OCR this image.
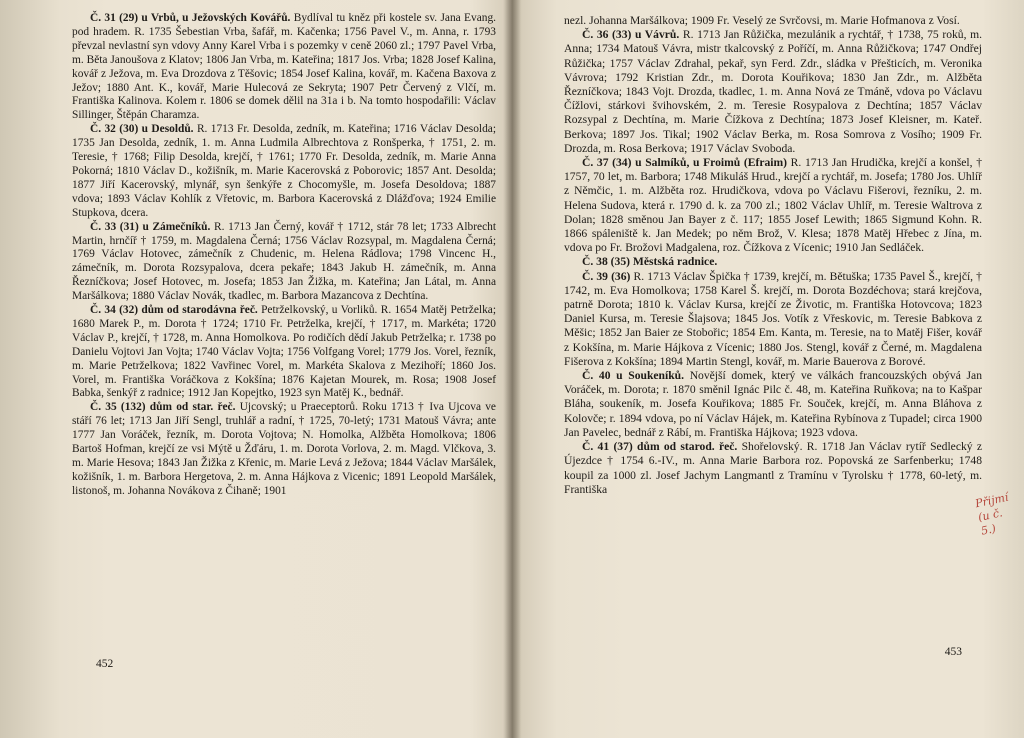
Č. 31 (29) u Vrbů, u Ježovských Kovářů. Bydlíval tu kněz při kostele sv. Jana Evang. pod hradem. R. 1735 Šebestian Vrba, šafář, m. Kačenka; 1756 Pavel V., m. Anna, r. 1793 převzal nevlastní syn vdovy Anny Karel Vrba i s pozemky v ceně 2060 zl.; 1797 Pavel Vrba, m. Běta Janoušova z Klatov; 1806 Jan Vrba, m. Kateřina; 1817 Jos. Vrba; 1828 Josef Kalina, kovář z Ježova, m. Eva Drozdova z Těšovic; 1854 Josef Kalina, kovář, m. Kačena Baxova z Ježov; 1880 Ant. K., kovář, Marie Hulecová ze Sekryta; 1907 Petr Červený z Vlčí, m. Františka Kalinova. Kolem r. 1806 se domek dělil na 31a i b. Na tomto hospodařili: Václav Sillinger, Štěpán Charamza.

Č. 32 (30) u Desoldů. R. 1713 Fr. Desolda, zedník, m. Kateřina; 1716 Václav Desolda; 1735 Jan Desolda, zedník, 1. m. Anna Ludmila Albrechtova z Ronšperka, † 1751, 2. m. Teresie, † 1768; Filip Desolda, krejčí, † 1761; 1770 Fr. Desolda, zedník, m. Marie Anna Pokorná; 1810 Václav D., kožišník, m. Marie Kacerovská z Poborovic; 1857 Ant. Desolda; 1877 Jiří Kacerovský, mlynář, syn šenkýře z Chocomyšle, m. Josefa Desoldova; 1887 vdova; 1893 Václav Kohlík z Vřetovic, m. Barbora Kacerovská z Dlážďova; 1924 Emilie Stupkova, dcera.

Č. 33 (31) u Zámečníků. R. 1713 Jan Černý, kovář † 1712, stár 78 let; 1733 Albrecht Martin, hrnčíř † 1759, m. Magdalena Černá; 1756 Václav Rozsypal, m. Magdalena Černá; 1769 Václav Hotovec, zámečník z Chudenic, m. Helena Rádlova; 1798 Vincenc H., zámečník, m. Dorota Rozsypalova, dcera pekaře; 1843 Jakub H. zámečník, m. Anna Řezníčkova; Josef Hotovec, m. Josefa; 1853 Jan Žižka, m. Kateřina; Jan Látal, m. Anna Maršálkova; 1880 Václav Novák, tkadlec, m. Barbora Mazancova z Dechtína.

Č. 34 (32) dům od starodávna řeč. Petrželkovský, u Vorliků. R. 1654 Matěj Petrželka; 1680 Marek P., m. Dorota † 1724; 1710 Fr. Petrželka, krejčí, † 1717, m. Markéta; 1720 Václav P., krejčí, † 1728, m. Anna Homolkova. Po rodičích dědí Jakub Petrželka; r. 1738 po Danielu Vojtovi Jan Vojta; 1740 Václav Vojta; 1756 Volfgang Vorel; 1779 Jos. Vorel, řezník, m. Marie Petrželkova; 1822 Vavřinec Vorel, m. Markéta Skalova z Mezihoří; 1860 Jos. Vorel, m. Františka Voráčkova z Kokšína; 1876 Kajetan Mourek, m. Rosa; 1908 Josef Babka, šenkýř z radnice; 1912 Jan Kopejtko, 1923 syn Matěj K., bednář.

Č. 35 (132) dům od star. řeč. Ujcovský; u Praeceptorů. Roku 1713 † Iva Ujcova ve stáří 76 let; 1713 Jan Jiří Sengl, truhlář a radní, † 1725, 70-letý; 1731 Matouš Vávra; ante 1777 Jan Voráček, řezník, m. Dorota Vojtova; N. Homolka, Alžběta Homolkova; 1806 Bartoš Hofman, krejčí ze vsi Mýtě u Žďáru, 1. m. Dorota Vorlova, 2. m. Magd. Vlčkova, 3. m. Marie Hesova; 1843 Jan Žižka z Křenic, m. Marie Levá z Ježova; 1844 Václav Maršálek, kožišník, 1. m. Barbora Hergetova, 2. m. Anna Hájkova z Vicenic; 1891 Leopold Maršálek, listonoš, m. Johanna Novákova z Čihaně; 1901

452

nezl. Johanna Maršálkova; 1909 Fr. Veselý ze Svrčovsi, m. Marie Hofmanova z Vosí.

Č. 36 (33) u Vávrů. R. 1713 Jan Růžička, mezulánik a rychtář, † 1738, 75 roků, m. Anna; 1734 Matouš Vávra, mistr tkalcovský z Poříčí, m. Anna Růžičkova; 1747 Ondřej Růžička; 1757 Václav Zdrahal, pekař, syn Ferd. Zdr., sládka v Přešticích, m. Veronika Vávrova; 1792 Kristian Zdr., m. Dorota Kouřikova; 1830 Jan Zdr., m. Alžběta Řezníčkova; 1843 Vojt. Drozda, tkadlec, 1. m. Anna Nová ze Tmáně, vdova po Václavu Čížlovi, stárkovi švihovském, 2. m. Teresie Rosypalova z Dechtína; 1857 Václav Rozsypal z Dechtína, m. Marie Čížkova z Dechtína; 1873 Josef Kleisner, m. Kateř. Berkova; 1897 Jos. Tikal; 1902 Václav Berka, m. Rosa Somrova z Vosího; 1909 Fr. Drozda, m. Rosa Berkova; 1917 Václav Svoboda.

Č. 37 (34) u Salmíků, u Froimů (Efraim) R. 1713 Jan Hrudička, krejčí a konšel, † 1757, 70 let, m. Barbora; 1748 Mikuláš Hrud., krejčí a rychtář, m. Josefa; 1780 Jos. Uhlíř z Němčic, 1. m. Alžběta roz. Hrudičkova, vdova po Václavu Fišerovi, řezníku, 2. m. Helena Sudova, která r. 1790 d. k. za 700 zl.; 1802 Václav Uhlíř, m. Teresie Waltrova z Dolan; 1828 směnou Jan Bayer z č. 117; 1855 Josef Lewith; 1865 Sigmund Kohn. R. 1866 spáleniště k. Jan Medek; po něm Brož, V. Klesa; 1878 Matěj Hřebec z Jína, m. vdova po Fr. Brožovi Madgalena, roz. Čížkova z Vícenic; 1910 Jan Sedláček.

Č. 38 (35) Městská radnice.

Č. 39 (36) R. 1713 Václav Špička † 1739, krejčí, m. Bětuška; 1735 Pavel Š., krejčí, † 1742, m. Eva Homolkova; 1758 Karel Š. krejčí, m. Dorota Bozdéchova; stará krejčova, patrně Dorota; 1810 k. Václav Kursa, krejčí ze Životic, m. Františka Hotovcova; 1823 Daniel Kursa, m. Teresie Šlajsova; 1845 Jos. Votík z Vřeskovic, m. Teresie Babkova z Měšic; 1852 Jan Baier ze Stobořic; 1854 Em. Kanta, m. Teresie, na to Matěj Fišer, kovář z Kokšína, m. Marie Hájkova z Vícenic; 1880 Jos. Stengl, kovář z Černé, m. Magdalena Fišerova z Kokšína; 1894 Martin Stengl, kovář, m. Marie Bauerova z Borové.

Č. 40 u Soukeníků. Novější domek, který ve válkách francouzských obývá Jan Voráček, m. Dorota; r. 1870 směnil Ignác Pilc č. 48, m. Kateřina Ruňkova; na to Kašpar Bláha, soukeník, m. Josefa Kouřikova; 1885 Fr. Souček, krejčí, m. Anna Bláhova z Kolovče; r. 1894 vdova, po ní Václav Hájek, m. Kateřina Rybínova z Tupadel; circa 1900 Jan Pavelec, bednář z Rábí, m. Františka Hájkova; 1923 vdova.

Č. 41 (37) dům od starod. řeč. Shořelovský. R. 1718 Jan Václav rytíř Sedlecký z Újezdce † 1754 6.-IV., m. Anna Marie Barbora roz. Popovská ze Sarfenberku; 1748 koupil za 1000 zl. Josef Jachym Langmantl z Tramínu v Tyrolsku † 1778, 60-letý, m. Františka

Přijmí (u č. 5.)
453
